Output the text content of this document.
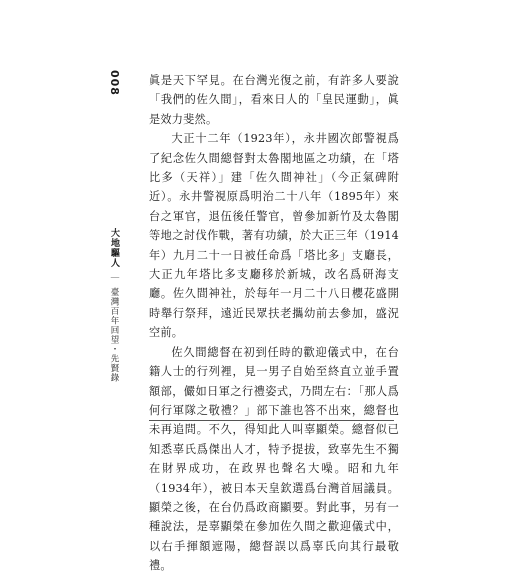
008
大地驅人｜臺灣百年回望・先賢錄

眞是天下罕見。在台灣光復之前，有許多人要說「我們的佐久間」，看來日人的「皇民運動」，眞是效力斐然。

大正十二年（1923年），永井國次郎警視爲了紀念佐久間總督對太魯閣地區之功績，在「塔比多（天祥）」建「佐久間神社」（今正氣碑附近）。永井警視原爲明治二十八年（1895年）來台之軍官，退伍後任警官，曾參加新竹及太魯閣等地之討伐作戰，著有功績，於大正三年（1914年）九月二十一日被任命爲「塔比多」支廳長，大正九年塔比多支廳移於新城，改名爲研海支廳。佐久間神社，於每年一月二十八日櫻花盛開時舉行祭拜，遠近民眾扶老攜幼前去參加，盛況空前。

佐久間總督在初到任時的歡迎儀式中，在台籍人士的行列裡，見一男子自始至終直立並手置額部，儼如日軍之行禮姿式，乃問左右：「那人爲何行軍隊之敬禮？」部下誰也答不出來，總督也未再追問。不久，得知此人叫辜顯榮。總督似已知悉辜氏爲傑出人才，特予提拔，致辜先生不獨在財界成功，在政界也聲名大噪。昭和九年（1934年），被日本天皇欽選爲台灣首屆議員。顯榮之後，在台仍爲政商顯要。對此事，另有一種說法，是辜顯榮在參加佐久間之歡迎儀式中，以右手揮額遮陽，總督誤以爲辜氏向其行最敬禮。
